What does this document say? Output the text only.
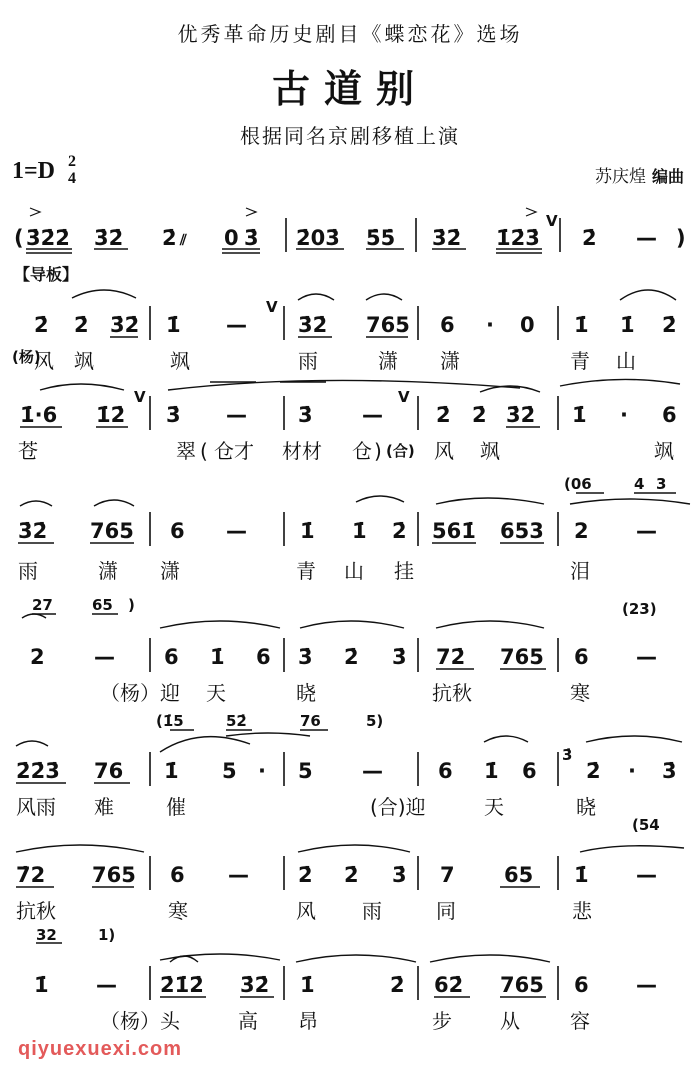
优秀革命历史剧目《蝶恋花》选场
古道别
根据同名京剧移植上演
1=D 2
4	苏庆煌 编曲
【导板】
( 3̇2̇2̇ 3̇2̇ 2̇ ⫽ 0 3̇ 2̇03̇ 5̇5̇ 3̇2̇ 1̇2̇3̇
V
2̇ — )
2̇ 2̇ 3̇2̇ 1̇ —
V
3̇2̇ 765 6 · 0 1̇ 1̇ 2̇
(杨)
风 飒	飒	雨	潇 潇	青 山
1̇·6 1̇2̇
V
3̇ — 3̇ —
V
2̇ 2̇ 3̇2̇ 1̇ · 6
苍	翠 ( 仓才 材材 仓 ) (合) 风 飒	飒
(06	4 3
3̇2̇ 765 6 —	1̇ 1̇ 2̇ 561̇ 653 2 —
雨	潇 潇	青 山 挂	泪
27	65 )	(23)
2 — 6 1̇ 6 3̇ 2̇ 3̇ 72̇ 765 6 —
（杨）迎 天	晓	抗秋	寒
(1̇5	52̇	76	5)
3̇
2̇2̇3̇ 76 1̇ 5 · 5 —	6 1̇ 6 2̇ · 3̇
风雨 难	催	(合)迎	天	晓
(54
7̇2 765 6 — 2̇ 2̇ 3̇ 7 65 1̇ —
抗秋	寒	风 雨	同	悲
32	1)
1̇ — 2̇1̇2̇ 3̇2̇ 1̇	2̇ 62̇ 765 6 —
（杨）头	高 昂	步 从	容
qiyuexuexi.com
